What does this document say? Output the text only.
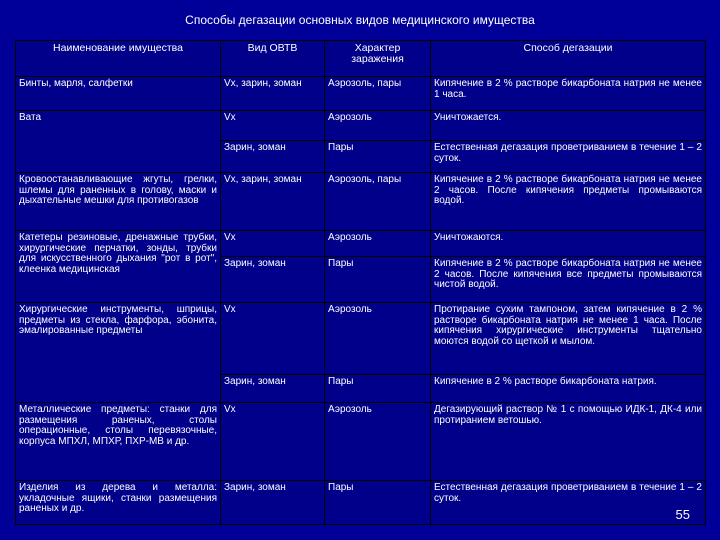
Способы дегазации основных видов медицинского имущества
Наименование имущества	Вид ОВТВ	Характер заражения	Способ дегазации
Бинты, марля, салфетки	Vx, зарин, зоман	Аэрозоль, пары	Кипячение в 2 % растворе бикарбоната натрия не менее 1 часа.
Вата	Vx	Аэрозоль	Уничтожается.
	Зарин, зоман	Пары	Естественная дегазация проветриванием в течение 1 – 2 суток.
Кровоостанавливающие жгуты, грелки, шлемы для раненных в голову, маски и дыхательные мешки для противогазов	Vx, зарин, зоман	Аэрозоль, пары	Кипячение в 2 % растворе бикарбоната натрия не менее 2 часов. После кипячения предметы промываются водой.
Катетеры резиновые, дренажные трубки, хирургические перчатки, зонды, трубки для искусственного дыхания "рот в рот", клеенка медицинская	Vx	Аэрозоль	Уничтожаются.
	Зарин, зоман	Пары	Кипячение в 2 % растворе бикарбоната натрия не менее 2 часов. После кипячения все предметы промываются чистой водой.
Хирургические инструменты, шприцы, предметы из стекла, фарфора, эбонита, эмалированные предметы	Vx	Аэрозоль	Протирание сухим тампоном, затем кипячение в 2 % растворе бикарбоната натрия не менее 1 часа. После кипячения хирургические инструменты тщательно моются водой со щеткой и мылом.
	Зарин, зоман	Пары	Кипячение в 2 % растворе бикарбоната натрия.
Металлические предметы: станки для размещения раненых, столы операционные, столы перевязочные, корпуса МПХЛ, МПХР, ПХР-МВ и др.	Vx	Аэрозоль	Дегазирующий раствор № 1 с помощью ИДК-1, ДК-4 или протиранием ветошью.
Изделия из дерева и металла: укладочные ящики, станки размещения раненых и др.	Зарин, зоман	Пары	Естественная дегазация проветриванием в течение 1 – 2 суток.
55
